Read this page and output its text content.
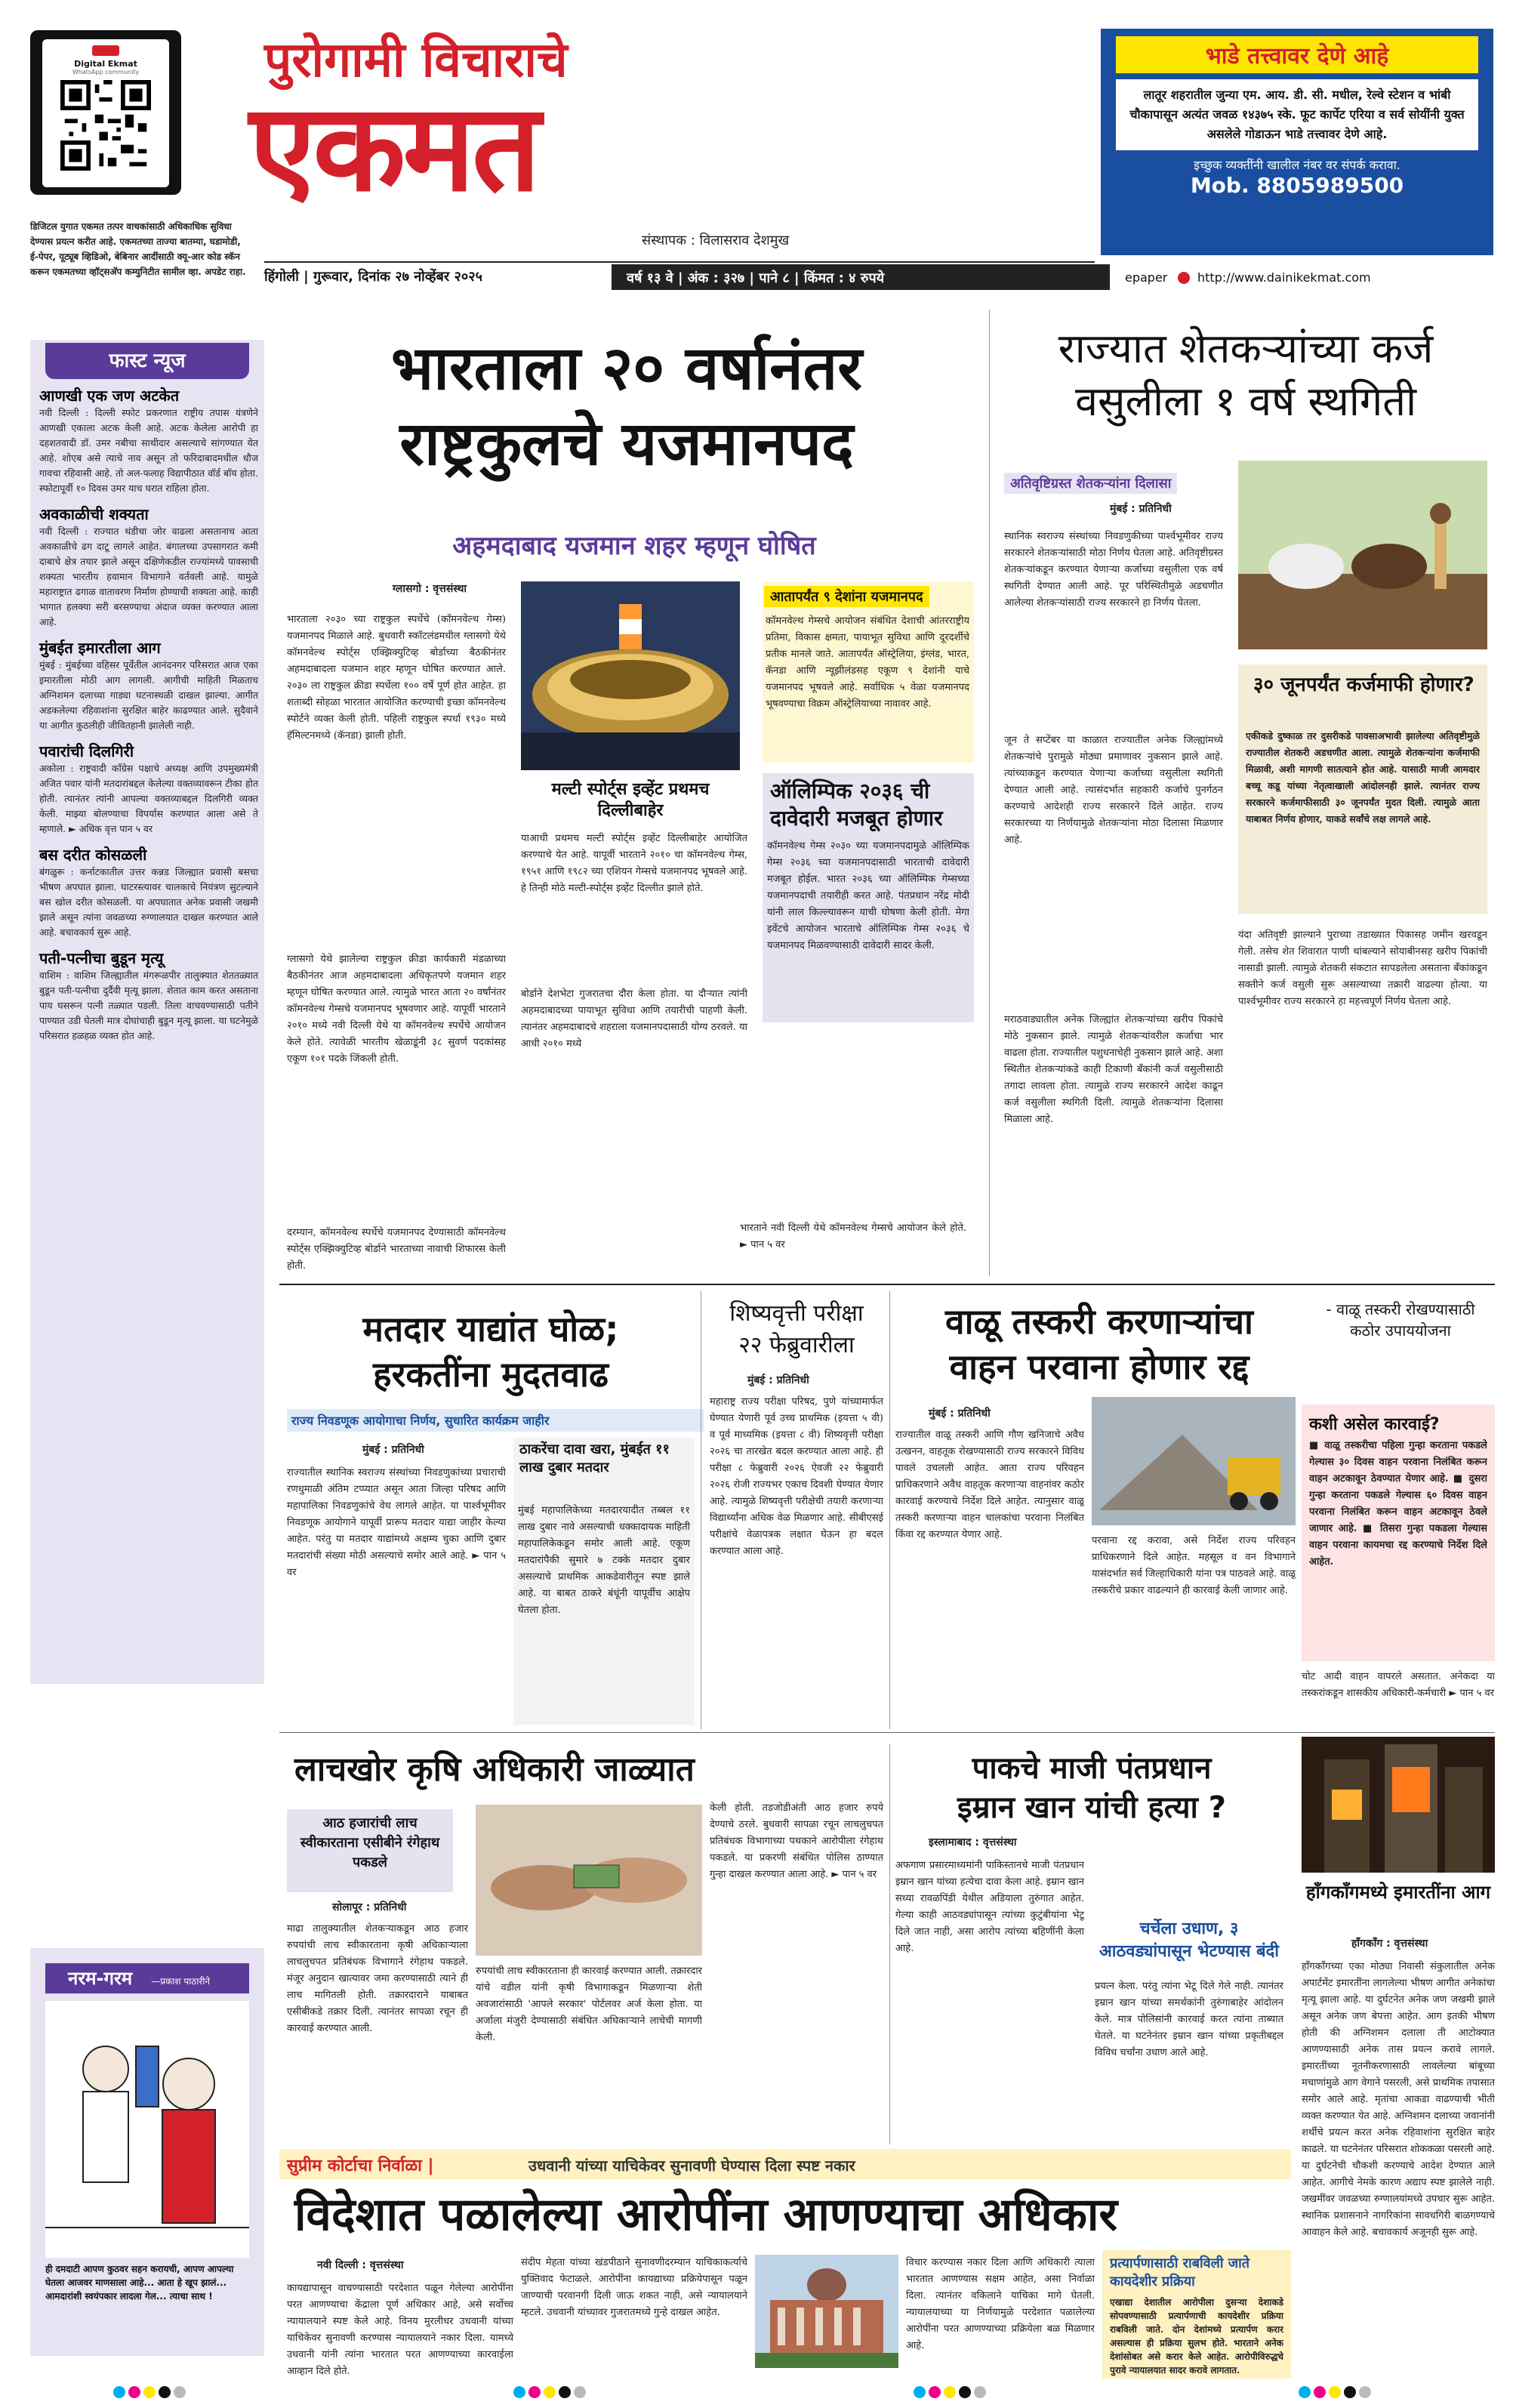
Digital Ekmat
WhatsApp community
डिजिटल युगात एकमत तत्पर वाचकांसाठी अधिकाधिक सुविधा देण्यास प्रयत्न करीत आहे. एकमतच्या ताज्या बातम्या, घडामोडी, ई-पेपर, यूट्यूब व्हिडिओ, बेबिनार आदींसाठी क्यू-आर कोड स्कॅन करून एकमतच्या व्हॉट्सअ‍ॅप कम्युनिटीत सामील व्हा. अपडेट राहा.
पुरोगामी विचाराचे
एकमत
संस्थापक : विलासराव देशमुख
भाडे तत्त्वावर देणे आहे
लातूर शहरातील जुन्या एम. आय. डी. सी. मधील, रेल्वे स्टेशन व भांबी चौकापासून अत्यंत जवळ १४३७५ स्के. फूट कार्पेट एरिया व सर्व सोयींनी युक्त असलेले गोडाऊन भाडे तत्त्वावर देणे आहे.
इच्छुक व्यक्तींनी खालील नंबर वर संपर्क करावा.
Mob. 8805989500
हिंगोली | गुरूवार, दिनांक २७ नोव्हेंबर २०२५	वर्ष १३ वे | अंक : ३२७ | पाने ८ | किंमत : ४ रुपये	epaper http://www.dainikekmat.com
फास्ट न्यूज
आणखी एक जण अटकेत
नवी दिल्ली : दिल्ली स्फोट प्रकरणात राष्ट्रीय तपास यंत्रणेने आणखी एकाला अटक केली आहे. अटक केलेला आरोपी हा दहशतवादी डॉ. उमर नबीचा साथीदार असल्याचे सांगण्यात येत आहे. शोएब असे त्याचे नाव असून तो फरिदाबादमधील धौज गावचा रहिवासी आहे. तो अल-फलाह विद्यापीठात वॉर्ड बॉय होता. स्फोटापूर्वी १० दिवस उमर याच घरात राहिला होता.
अवकाळीची शक्यता
नवी दिल्ली : राज्यात थंडीचा जोर वाढला असतानाच आता अवकाळीचे ढग दाटू लागले आहेत. बंगालच्या उपसागरात कमी दाबाचे क्षेत्र तयार झाले असून दक्षिणेकडील राज्यांमध्ये पावसाची शक्यता भारतीय हवामान विभागाने वर्तवली आहे. यामुळे महाराष्ट्रात ढगाळ वातावरण निर्माण होण्याची शक्यता आहे. काही भागात हलक्या सरी बरसण्याचा अंदाज व्यक्त करण्यात आला आहे.
मुंबईत इमारतीला आग
मुंबई : मुंबईच्या वहिसर पूर्वेतील आनंदनगर परिसरात आज एका इमारतीला मोठी आग लागली. आगीची माहिती मिळताच अग्निशमन दलाच्या गाड्या घटनास्थळी दाखल झाल्या. आगीत अडकलेल्या रहिवाशांना सुरक्षित बाहेर काढण्यात आले. सुदैवाने या आगीत कुठलीही जीवितहानी झालेली नाही.
पवारांची दिलगिरी
अकोला : राष्ट्रवादी काँग्रेस पक्षाचे अध्यक्ष आणि उपमुख्यमंत्री अजित पवार यांनी मतदारांबद्दल केलेल्या वक्तव्यावरून टीका होत होती. त्यानंतर त्यांनी आपल्या वक्तव्याबद्दल दिलगिरी व्यक्त केली. माझ्या बोलण्याचा विपर्यास करण्यात आला असे ते म्हणाले. ► अधिक वृत्त पान ५ वर
बस दरीत कोसळली
बंगळुरू : कर्नाटकातील उत्तर कन्नड जिल्ह्यात प्रवासी बसचा भीषण अपघात झाला. घाटरस्त्यावर चालकाचे नियंत्रण सुटल्याने बस खोल दरीत कोसळली. या अपघातात अनेक प्रवासी जखमी झाले असून त्यांना जवळच्या रुग्णालयात दाखल करण्यात आले आहे. बचावकार्य सुरू आहे.
पती-पत्नीचा बुडून मृत्यू
वाशिम : वाशिम जिल्ह्यातील मंगरूळपीर तालुक्यात शेततळ्यात बुडून पती-पत्नीचा दुर्दैवी मृत्यू झाला. शेतात काम करत असताना पाय घसरून पत्नी तळ्यात पडली. तिला वाचवण्यासाठी पतीने पाण्यात उडी घेतली मात्र दोघांचाही बुडून मृत्यू झाला. या घटनेमुळे परिसरात हळहळ व्यक्त होत आहे.
नरम-गरम —प्रकाश पाठारीने
ही दमदाटी आपण कुठवर सहन करायची, आपण आपल्या घेतला आजवर माणसाला आहे... आता हे खूप झालं... आमदारांशी स्वयंपकार लादला गेल... त्याचा साथ !
भारताला २० वर्षानंतर
राष्ट्रकुलचे यजमानपद
अहमदाबाद यजमान शहर म्हणून घोषित
ग्लासगो : वृत्तसंस्था
भारताला २०३० च्या राष्ट्रकुल स्पर्धेचे (कॉमनवेल्थ गेम्स) यजमानपद मिळाले आहे. बुधवारी स्कॉटलंडमधील ग्लासगो येथे कॉमनवेल्थ स्पोर्ट्स एक्झिक्युटिव्ह बोर्डाच्या बैठकीनंतर अहमदाबादला यजमान शहर म्हणून घोषित करण्यात आले. २०३० ला राष्ट्रकुल क्रीडा स्पर्धेला १०० वर्षे पूर्ण होत आहेत. हा शताब्दी सोहळा भारतात आयोजित करण्याची इच्छा कॉमनवेल्थ स्पोर्टने व्यक्त केली होती. पहिली राष्ट्रकुल स्पर्धा १९३० मध्ये हॅमिल्टनमध्ये (कॅनडा) झाली होती.
ग्लासगो येथे झालेल्या राष्ट्रकुल क्रीडा कार्यकारी मंडळाच्या बैठकीनंतर आज अहमदाबादला अधिकृतपणे यजमान शहर म्हणून घोषित करण्यात आले. त्यामुळे भारत आता २० वर्षांनंतर कॉमनवेल्थ गेम्सचे यजमानपद भूषवणार आहे. यापूर्वी भारताने २०१० मध्ये नवी दिल्ली येथे या कॉमनवेल्थ स्पर्धेचे आयोजन केले होते. त्यावेळी भारतीय खेळाडूंनी ३८ सुवर्ण पदकांसह एकूण १०१ पदके जिंकली होती.
दरम्यान, कॉमनवेल्थ स्पर्धेचे यजमानपद देण्यासाठी कॉमनवेल्थ स्पोर्ट्स एक्झिक्युटिव्ह बोर्डाने भारताच्या नावाची शिफारस केली होती.
मल्टी स्पोर्ट्स इव्हेंट प्रथमच दिल्लीबाहेर
याआधी प्रथमच मल्टी स्पोर्ट्स इव्हेंट दिल्लीबाहेर आयोजित करण्याचे येत आहे. यापूर्वी भारताने २०१० चा कॉमनवेल्थ गेम्स, १९५१ आणि १९८२ च्या एशियन गेम्सचे यजमानपद भूषवले आहे. हे तिन्ही मोठे मल्टी-स्पोर्ट्स इव्हेंट दिल्लीत झाले होते.
बोर्डाने देशभेटा गुजरातचा दौरा केला होता. या दौऱ्यात त्यांनी अहमदाबादच्या पायाभूत सुविधा आणि तयारीची पाहणी केली. त्यानंतर अहमदाबादचे शहराला यजमानपदासाठी योग्य ठरवले. या आधी २०१० मध्ये
भारताने नवी दिल्ली येथे कॉमनवेल्थ गेम्सचे आयोजन केले होते. ► पान ५ वर
आतापर्यंत ९ देशांना यजमानपद
कॉमनवेल्थ गेम्सचे आयोजन संबंधित देशाची आंतरराष्ट्रीय प्रतिमा, विकास क्षमता, पायाभूत सुविधा आणि दूरदर्शीचे प्रतीक मानले जाते. आतापर्यंत ऑस्ट्रेलिया, इंग्लंड, भारत, कॅनडा आणि न्यूझीलंडसह एकूण ९ देशांनी याचे यजमानपद भूषवले आहे. सर्वाधिक ५ वेळा यजमानपद भूषवण्याचा विक्रम ऑस्ट्रेलियाच्या नावावर आहे.
ऑलिम्पिक २०३६ ची दावेदारी मजबूत होणार
कॉमनवेल्थ गेम्स २०३० च्या यजमानपदामुळे ऑलिम्पिक गेम्स २०३६ च्या यजमानपदासाठी भारताची दावेदारी मजबूत होईल. भारत २०३६ च्या ऑलिम्पिक गेम्सच्या यजमानपदाची तयारीही करत आहे. पंतप्रधान नरेंद्र मोदी यांनी लाल किल्ल्यावरून याची घोषणा केली होती. मेगा इवेंटचे आयोजन भारताचे ऑलिम्पिक गेम्स २०३६ चे यजमानपद मिळवण्यासाठी दावेदारी सादर केली.
राज्यात शेतकऱ्यांच्या कर्ज
वसुलीला १ वर्ष स्थगिती
अतिवृष्टिग्रस्त शेतकऱ्यांना दिलासा
मुंबई : प्रतिनिधी
स्थानिक स्वराज्य संस्थांच्या निवडणुकीच्या पार्श्वभूमीवर राज्य सरकारने शेतकऱ्यांसाठी मोठा निर्णय घेतला आहे. अतिवृष्टीग्रस्त शेतकऱ्यांकडून करण्यात येणाऱ्या कर्जाच्या वसुलीला एक वर्ष स्थगिती देण्यात आली आहे. पूर परिस्थितीमुळे अडचणीत आलेल्या शेतकऱ्यांसाठी राज्य सरकारने हा निर्णय घेतला.
जून ते सप्टेंबर या काळात राज्यातील अनेक जिल्ह्यांमध्ये शेतकऱ्यांचे पुरामुळे मोठ्या प्रमाणावर नुकसान झाले आहे. त्यांच्याकडून करण्यात येणाऱ्या कर्जाच्या वसुलीला स्थगिती देण्यात आली आहे. त्यासंदर्भात सहकारी कर्जाचे पुनर्गठन करण्याचे आदेशही राज्य सरकारने दिले आहेत. राज्य सरकारच्या या निर्णयामुळे शेतकऱ्यांना मोठा दिलासा मिळणार आहे.
मराठवाड्यातील अनेक जिल्ह्यांत शेतकऱ्यांच्या खरीप पिकांचे मोठे नुकसान झाले. त्यामुळे शेतकऱ्यांवरील कर्जाचा भार वाढला होता. राज्यातील पशुधनाचेही नुकसान झाले आहे. अशा स्थितीत शेतकऱ्यांकडे काही टिकाणी बँकांनी कर्ज वसुलीसाठी तगादा लावला होता. त्यामुळे राज्य सरकारने आदेश काढून कर्ज वसुलीला स्थगिती दिली. त्यामुळे शेतकऱ्यांना दिलासा मिळाला आहे.
३० जूनपर्यंत कर्जमाफी होणार?
एकीकडे दुष्काळ तर दुसरीकडे पावसाअभावी झालेल्या अतिवृष्टीमुळे राज्यातील शेतकरी अडचणीत आला. त्यामुळे शेतकऱ्यांना कर्जमाफी मिळावी, अशी मागणी सातत्याने होत आहे. यासाठी माजी आमदार बच्चू कडू यांच्या नेतृत्वाखाली आंदोलनही झाले. त्यानंतर राज्य सरकारने कर्जमाफीसाठी ३० जूनपर्यंत मुदत दिली. त्यामुळे आता याबाबत निर्णय होणार, याकडे सर्वांचे लक्ष लागले आहे.
यंदा अतिवृष्टी झाल्याने पुराच्या तडाख्यात पिकासह जमीन खरवडून गेली. तसेच शेत शिवारात पाणी थांबल्याने सोयाबीनसह खरीप पिकांची नासाडी झाली. त्यामुळे शेतकरी संकटात सापडलेला असताना बँकांकडून सक्तीने कर्ज वसुली सुरू असल्याच्या तक्रारी वाढल्या होत्या. या पार्श्वभूमीवर राज्य सरकारने हा महत्त्वपूर्ण निर्णय घेतला आहे.
मतदार याद्यांत घोळ;
हरकतींना मुदतवाढ
राज्य निवडणूक आयोगाचा निर्णय, सुधारित कार्यक्रम जाहीर
मुंबई : प्रतिनिधी
राज्यातील स्थानिक स्वराज्य संस्थांच्या निवडणुकांच्या प्रचाराची रणधुमाळी अंतिम टप्प्यात असून आता जिल्हा परिषद आणि महापालिका निवडणुकांचे वेध लागले आहेत. या पार्श्वभूमीवर निवडणूक आयोगाने यापूर्वी प्रारूप मतदार याद्या जाहीर केल्या आहेत. परंतु या मतदार याद्यांमध्ये अक्षम्य चुका आणि दुबार मतदारांची संख्या मोठी असल्याचे समोर आले आहे. ► पान ५ वर
ठाकरेंचा दावा खरा, मुंबईत ११ लाख दुबार मतदार
मुंबई महापालिकेच्या मतदारयादीत तब्बल ११ लाख दुबार नावे असल्याची धक्कादायक माहिती महापालिकेकडून समोर आली आहे. एकूण मतदारांपैकी सुमारे ७ टक्के मतदार दुबार असल्याचे प्राथमिक आकडेवारीतून स्पष्ट झाले आहे. या बाबत ठाकरे बंधूंनी यापूर्वीच आक्षेप घेतला होता.
शिष्यवृत्ती परीक्षा
२२ फेब्रुवारीला
मुंबई : प्रतिनिधी
महाराष्ट्र राज्य परीक्षा परिषद, पुणे यांच्यामार्फत घेण्यात येणारी पूर्व उच्च प्राथमिक (इयत्ता ५ वी) व पूर्व माध्यमिक (इयत्ता ८ वी) शिष्यवृत्ती परीक्षा २०२६ चा तारखेत बदल करण्यात आला आहे. ही परीक्षा ८ फेब्रुवारी २०२६ ऐवजी २२ फेब्रुवारी २०२६ रोजी राज्यभर एकाच दिवशी घेण्यात येणार आहे. त्यामुळे शिष्यवृत्ती परीक्षेची तयारी करणाऱ्या विद्यार्थ्यांना अधिक वेळ मिळणार आहे. सीबीएसई परीक्षांचे वेळापत्रक लक्षात घेऊन हा बदल करण्यात आला आहे.
वाळू तस्करी करणाऱ्यांचा
वाहन परवाना होणार रद्द
- वाळू तस्करी रोखण्यासाठी कठोर उपाययोजना
मुंबई : प्रतिनिधी
राज्यातील वाळू तस्करी आणि गौण खनिजाचे अवैध उत्खनन, वाहतूक रोखण्यासाठी राज्य सरकारने विविध पावले उचलली आहेत. आता राज्य परिवहन प्राधिकरणाने अवैध वाहतूक करणाऱ्या वाहनांवर कठोर कारवाई करण्याचे निर्देश दिले आहेत. त्यानुसार वाळू तस्करी करणाऱ्या वाहन चालकांचा परवाना निलंबित किंवा रद्द करण्यात येणार आहे.
परवाना रद्द करावा, असे निर्देश राज्य परिवहन प्राधिकरणाने दिले आहेत. महसूल व वन विभागाने यासंदर्भात सर्व जिल्हाधिकारी यांना पत्र पाठवले आहे. वाळू तस्करीचे प्रकार वाढल्याने ही कारवाई केली जाणार आहे.
कशी असेल कारवाई?
■ वाळू तस्करीचा पहिला गुन्हा करताना पकडले गेल्यास ३० दिवस वाहन परवाना निलंबित करून वाहन अटकावून ठेवण्यात येणार आहे. ■ दुसरा गुन्हा करताना पकडले गेल्यास ६० दिवस वाहन परवाना निलंबित करून वाहन अटकावून ठेवले जाणार आहे. ■ तिसरा गुन्हा पकडला गेल्यास वाहन परवाना कायमचा रद्द करण्याचे निर्देश दिले आहेत.
चोट आदी वाहन वापरले असतात. अनेकदा या तस्करांकडून शासकीय अधिकारी-कर्मचारी ► पान ५ वर
लाचखोर कृषि अधिकारी जाळ्यात
आठ हजारांची लाच स्वीकारताना एसीबीने रंगेहाथ पकडले
सोलापूर : प्रतिनिधी
माढा तालुक्यातील शेतकऱ्याकडून आठ हजार रुपयांची लाच स्वीकारताना कृषी अधिकाऱ्याला लाचलुचपत प्रतिबंधक विभागाने रंगेहाथ पकडले. मंजूर अनुदान खात्यावर जमा करण्यासाठी त्याने ही लाच मागितली होती. तक्रारदाराने याबाबत एसीबीकडे तक्रार दिली. त्यानंतर सापळा रचून ही कारवाई करण्यात आली.
रुपयांची लाच स्वीकारताना ही कारवाई करण्यात आली. तक्रारदार यांचे वडील यांनी कृषी विभागाकडून मिळणाऱ्या शेती अवजारांसाठी 'आपले सरकार' पोर्टलवर अर्ज केला होता. या अर्जाला मंजुरी देण्यासाठी संबंधित अधिकाऱ्याने लाचेची मागणी केली.
केली होती. तडजोडीअंती आठ हजार रुपये देण्याचे ठरले. बुधवारी सापळा रचून लाचलुचपत प्रतिबंधक विभागाच्या पथकाने आरोपीला रंगेहाथ पकडले. या प्रकरणी संबंधित पोलिस ठाण्यात गुन्हा दाखल करण्यात आला आहे. ► पान ५ वर
पाकचे माजी पंतप्रधान
इम्रान खान यांची हत्या ?
इस्लामाबाद : वृत्तसंस्था
अफगाण प्रसारमाध्यमांनी पाकिस्तानचे माजी पंतप्रधान इम्रान खान यांच्या हत्येचा दावा केला आहे. इम्रान खान सध्या रावळपिंडी येथील अडियाला तुरुंगात आहेत. गेल्या काही आठवड्यांपासून त्यांच्या कुटुंबीयांना भेटू दिले जात नाही, असा आरोप त्यांच्या बहिणींनी केला आहे.
चर्चेला उधाण, ३ आठवड्यांपासून भेटण्यास बंदी
प्रयत्न केला. परंतु त्यांना भेटू दिले गेले नाही. त्यानंतर इम्रान खान यांच्या समर्थकांनी तुरुंगाबाहेर आंदोलन केले. मात्र पोलिसांनी कारवाई करत त्यांना ताब्यात घेतले. या घटनेनंतर इम्रान खान यांच्या प्रकृतीबद्दल विविध चर्चांना उधाण आले आहे.
हाँगकाँगमध्ये इमारतींना आग
हाँगकाँग : वृत्तसंस्था
हाँगकाँगच्या एका मोठ्या निवासी संकुलातील अनेक अपार्टमेंट इमारतींना लागलेल्या भीषण आगीत अनेकांचा मृत्यू झाला आहे. या दुर्घटनेत अनेक जण जखमी झाले असून अनेक जण बेपत्ता आहेत. आग इतकी भीषण होती की अग्निशमन दलाला ती आटोक्यात आणण्यासाठी अनेक तास प्रयत्न करावे लागले. इमारतींच्या नूतनीकरणासाठी लावलेल्या बांबूच्या मचाणांमुळे आग वेगाने पसरली, असे प्राथमिक तपासात समोर आले आहे. मृतांचा आकडा वाढण्याची भीती व्यक्त करण्यात येत आहे. अग्निशमन दलाच्या जवानांनी शर्थीचे प्रयत्न करत अनेक रहिवाशांना सुरक्षित बाहेर काढले. या घटनेनंतर परिसरात शोककळा पसरली आहे. या दुर्घटनेची चौकशी करण्याचे आदेश देण्यात आले आहेत. आगीचे नेमके कारण अद्याप स्पष्ट झालेले नाही. जखमींवर जवळच्या रुग्णालयांमध्ये उपचार सुरू आहेत. स्थानिक प्रशासनाने नागरिकांना सावधगिरी बाळगण्याचे आवाहन केले आहे. बचावकार्य अजूनही सुरू आहे.
सुप्रीम कोर्टाचा निर्वाळा |	उधवानी यांच्या याचिकेवर सुनावणी घेण्यास दिला स्पष्ट नकार
विदेशात पळालेल्या आरोपींना आणण्याचा अधिकार
नवी दिल्ली : वृत्तसंस्था
कायद्यापासून वाचण्यासाठी परदेशात पळून गेलेल्या आरोपींना परत आणण्याचा केंद्राला पूर्ण अधिकार आहे, असे सर्वोच्च न्यायालयाने स्पष्ट केले आहे. विनय मुरलीधर उधवानी यांच्या याचिकेवर सुनावणी करण्यास न्यायालयाने नकार दिला. यामध्ये उधवानी यांनी त्यांना भारतात परत आणण्याच्या कारवाईला आव्हान दिले होते.
संदीप मेहता यांच्या खंडपीठाने सुनावणीदरम्यान याचिकाकर्त्याचे युक्तिवाद फेटाळले. आरोपींना कायद्याच्या प्रक्रियेपासून पळून जाण्याची परवानगी दिली जाऊ शकत नाही, असे न्यायालयाने म्हटले. उधवानी यांच्यावर गुजरातमध्ये गुन्हे दाखल आहेत.
विचार करण्यास नकार दिला आणि अधिकारी त्याला भारतात आणण्यास सक्षम आहेत, असा निर्वाळा दिला. त्यानंतर वकिलाने याचिका मागे घेतली. न्यायालयाच्या या निर्णयामुळे परदेशात पळालेल्या आरोपींना परत आणण्याच्या प्रक्रियेला बळ मिळणार आहे.
प्रत्यार्पणासाठी राबविली जाते कायदेशीर प्रक्रिया
एखाद्या देशातील आरोपीला दुसऱ्या देशाकडे सोपवण्यासाठी प्रत्यार्पणाची कायदेशीर प्रक्रिया राबविली जाते. दोन देशांमध्ये प्रत्यार्पण करार असल्यास ही प्रक्रिया सुलभ होते. भारताने अनेक देशांसोबत असे करार केले आहेत. आरोपीविरुद्धचे पुरावे न्यायालयात सादर करावे लागतात.
